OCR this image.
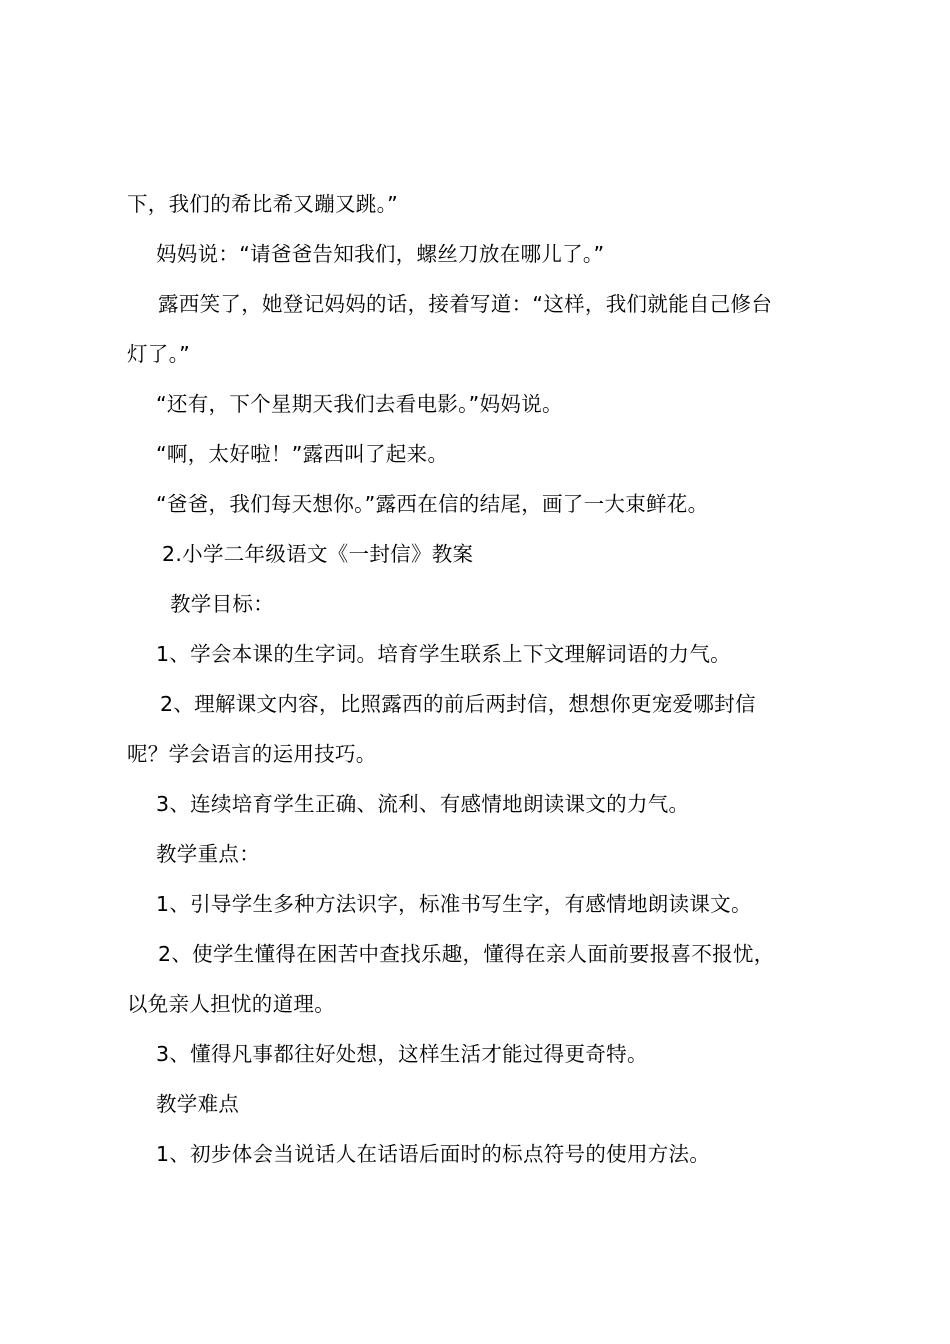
下，我们的希比希又蹦又跳。”
妈妈说：“请爸爸告知我们，螺丝刀放在哪儿了。”
露西笑了，她登记妈妈的话，接着写道：“这样，我们就能自己修台
灯了。”
“还有，下个星期天我们去看电影。”妈妈说。
“啊，太好啦！”露西叫了起来。
“爸爸，我们每天想你。”露西在信的结尾，画了一大束鲜花。
2.小学二年级语文《一封信》教案
教学目标：
1、学会本课的生字词。培育学生联系上下文理解词语的力气。
2、理解课文内容，比照露西的前后两封信，想想你更宠爱哪封信
呢？学会语言的运用技巧。
3、连续培育学生正确、流利、有感情地朗读课文的力气。
教学重点：
1、引导学生多种方法识字，标准书写生字，有感情地朗读课文。
2、使学生懂得在困苦中查找乐趣，懂得在亲人面前要报喜不报忧，
以免亲人担忧的道理。
3、懂得凡事都往好处想，这样生活才能过得更奇特。
教学难点
1、初步体会当说话人在话语后面时的标点符号的使用方法。
